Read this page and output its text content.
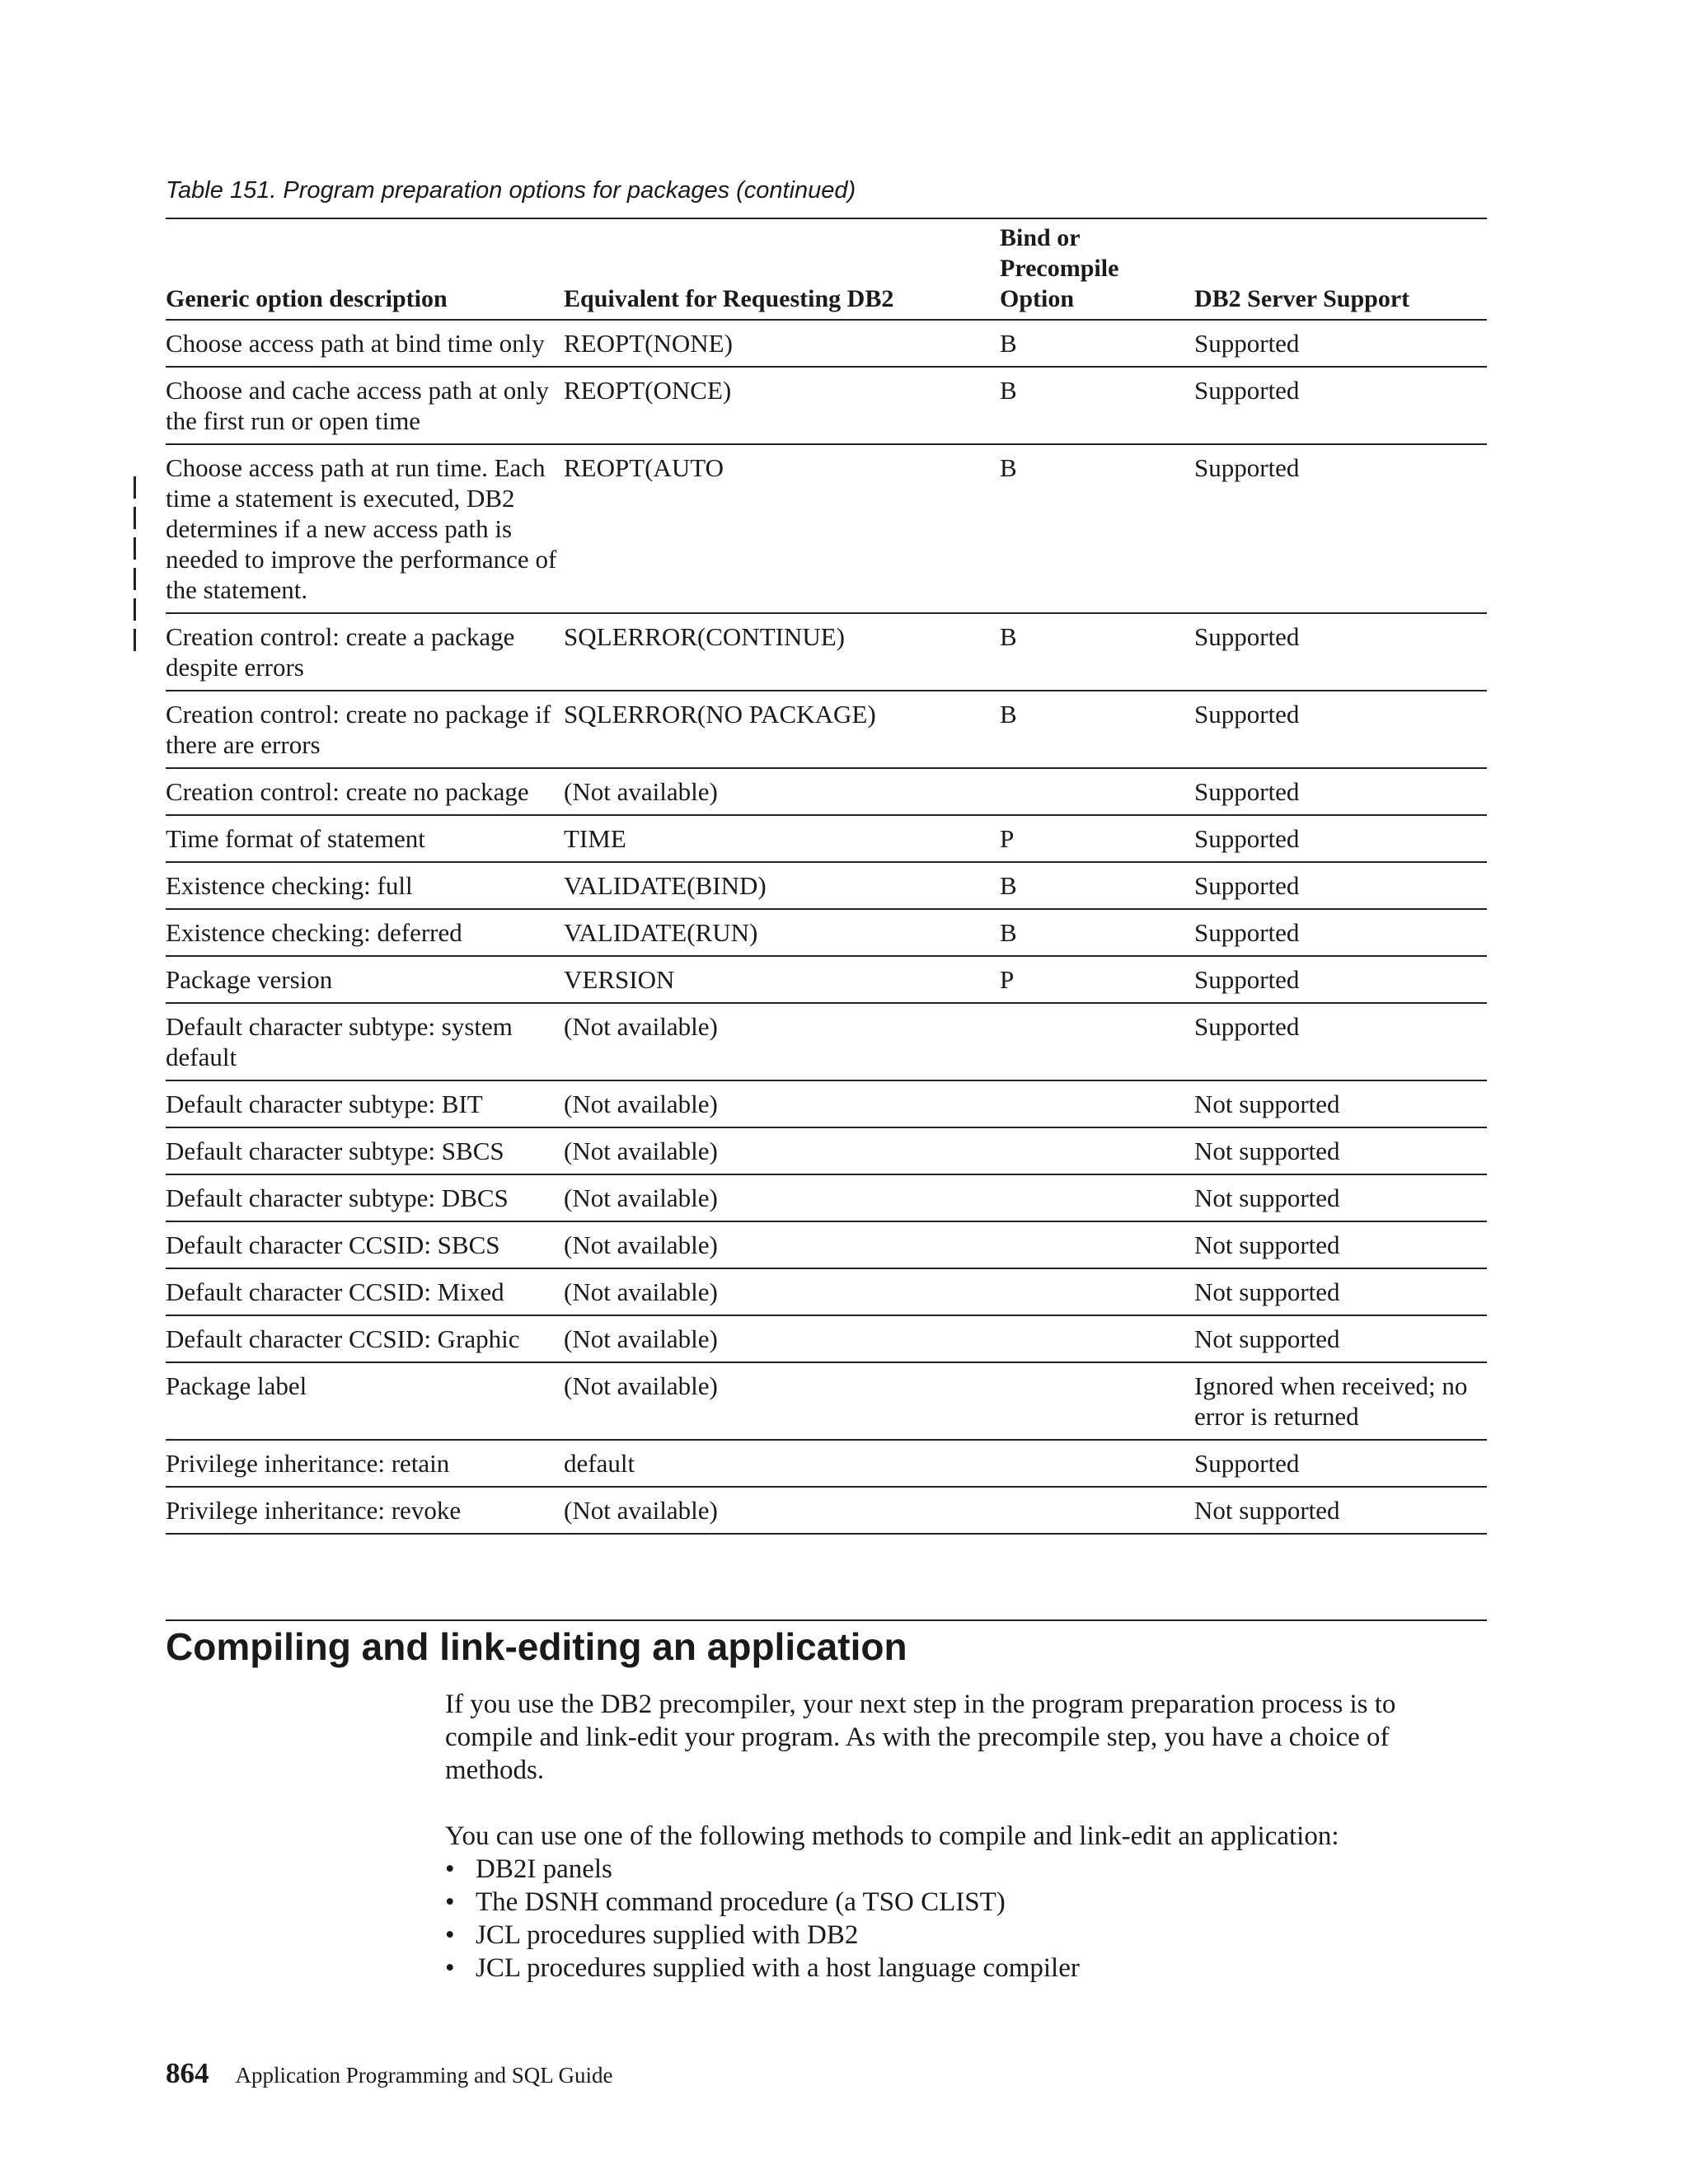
Table 151. Program preparation options for packages (continued)
Generic option description	Equivalent for Requesting DB2	Bind or
Precompile
Option	DB2 Server Support
Choose access path at bind time only	REOPT(NONE)	B	Supported
Choose and cache access path at only the first run or open time	REOPT(ONCE)	B	Supported
Choose access path at run time. Each time a statement is executed, DB2 determines if a new access path is needed to improve the performance of the statement.	REOPT(AUTO	B	Supported
Creation control: create a package despite errors	SQLERROR(CONTINUE)	B	Supported
Creation control: create no package if there are errors	SQLERROR(NO PACKAGE)	B	Supported
Creation control: create no package	(Not available)		Supported
Time format of statement	TIME	P	Supported
Existence checking: full	VALIDATE(BIND)	B	Supported
Existence checking: deferred	VALIDATE(RUN)	B	Supported
Package version	VERSION	P	Supported
Default character subtype: system default	(Not available)		Supported
Default character subtype: BIT	(Not available)		Not supported
Default character subtype: SBCS	(Not available)		Not supported
Default character subtype: DBCS	(Not available)		Not supported
Default character CCSID: SBCS	(Not available)		Not supported
Default character CCSID: Mixed	(Not available)		Not supported
Default character CCSID: Graphic	(Not available)		Not supported
Package label	(Not available)		Ignored when received; no error is returned
Privilege inheritance: retain	default		Supported
Privilege inheritance: revoke	(Not available)		Not supported
Compiling and link-editing an application

If you use the DB2 precompiler, your next step in the program preparation process is to compile and link-edit your program. As with the precompile step, you have a choice of methods.

You can use one of the following methods to compile and link-edit an application:

• DB2I panels
• The DSNH command procedure (a TSO CLIST)
• JCL procedures supplied with DB2
• JCL procedures supplied with a host language compiler
864 Application Programming and SQL Guide
